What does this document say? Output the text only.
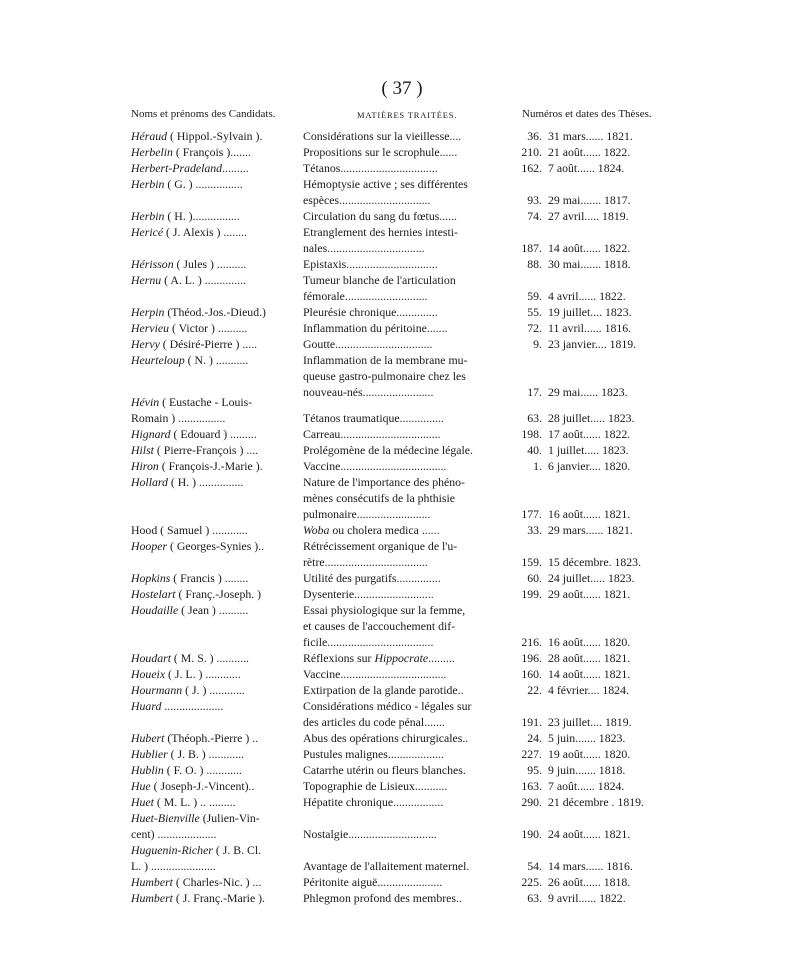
( 37 )
Noms et prénoms des Candidats.	MATIÈRES TRAITÉES.	Numéros et dates des Thèses.
Héraud ( Hippol.-Sylvain ).
Herbelin ( François ).......
Herbert-Pradeland.........
Herbin ( G. ) ................
Herbin ( H. )................
Hericé ( J. Alexis ) ........
Hérisson ( Jules ) ..........
Hernu ( A. L. ) ..............
Herpin (Théod.-Jos.-Dieud.)
Hervieu ( Victor ) ..........
Hervy ( Désiré-Pierre ) .....
Heurteloup ( N. ) ...........
Hévin ( Eustache - Louis-
Romain ) ................
Hignard ( Edouard ) .........
Hilst ( Pierre-François ) ....
Hiron ( François-J.-Marie ).
Hollard ( H. ) ...............
Hood ( Samuel ) ............
Hooper ( Georges-Synies )..
Hopkins ( Francis ) ........
Hostelart ( Franç.-Joseph. )
Houdaille ( Jean ) ..........
Houdart ( M. S. ) ...........
Houeix ( J. L. ) ............
Hourmann ( J. ) ............
Huard ....................
Hubert (Théoph.-Pierre ) ..
Hublier ( J. B. ) ............
Hublin ( F. O. ) ............
Hue ( Joseph-J.-Vincent)..
Huet ( M. L. ) .. .........
Huet-Bienville (Julien-Vin-
cent) ....................
Huguenin-Richer ( J. B. Cl.
L. ) ......................
Humbert ( Charles-Nic. ) ...
Humbert ( J. Franç.-Marie ).
Considérations sur la vieillesse....
Propositions sur le scrophule......
Tétanos.................................
Hémoptysie active ; ses différentes
espèces...............................
Circulation du sang du fœtus......
Etranglement des hernies intesti-
nales.................................
Epistaxis...............................
Tumeur blanche de l'articulation
fémorale............................
Pleurésie chronique..............
Inflammation du péritoine.......
Goutte.................................
Inflammation de la membrane mu-
queuse gastro-pulmonaire chez les
nouveau-nés........................
Tétanos traumatique...............
Carreau..................................
Prolégomène de la médecine légale.
Vaccine....................................
Nature de l'importance des phéno-
mènes consécutifs de la phthisie
pulmonaire.........................
Woba ou cholera medica ......
Rétrécissement organique de l'u-
rètre...................................
Utilité des purgatifs...............
Dysenterie...........................
Essai physiologique sur la femme,
et causes de l'accouchement dif-
ficile....................................
Réflexions sur Hippocrate.........
Vaccine....................................
Extirpation de la glande parotide..
Considérations médico - légales sur
des articles du code pénal.......
Abus des opérations chirurgicales..
Pustules malignes...................
Catarrhe utérin ou fleurs blanches.
Topographie de Lisieux...........
Hépatite chronique.................
Nostalgie..............................
Avantage de l'allaitement maternel.
Péritonite aiguë......................
Phlegmon profond des membres..
36.
210.
162.
93.
74.
187.
88.
59.
55.
72.
9.
17.
63.
198.
40.
1.
177.
33.
159.
60.
199.
216.
196.
160.
22.
191.
24.
227.
95.
163.
290.
190.
54.
225.
63.
31 mars...... 1821.
21 août...... 1822.
7 août...... 1824.
29 mai....... 1817.
27 avril..... 1819.
14 août...... 1822.
30 mai....... 1818.
4 avril...... 1822.
19 juillet.... 1823.
11 avril...... 1816.
23 janvier.... 1819.
29 mai...... 1823.
28 juillet..... 1823.
17 août...... 1822.
1 juillet..... 1823.
6 janvier.... 1820.
16 août...... 1821.
29 mars...... 1821.
15 décembre. 1823.
24 juillet..... 1823.
29 août...... 1821.
16 août...... 1820.
28 août...... 1821.
14 août...... 1821.
4 février.... 1824.
23 juillet.... 1819.
5 juin....... 1823.
19 août...... 1820.
9 juin....... 1818.
7 août...... 1824.
21 décembre . 1819.
24 août...... 1821.
14 mars...... 1816.
26 août...... 1818.
9 avril...... 1822.
